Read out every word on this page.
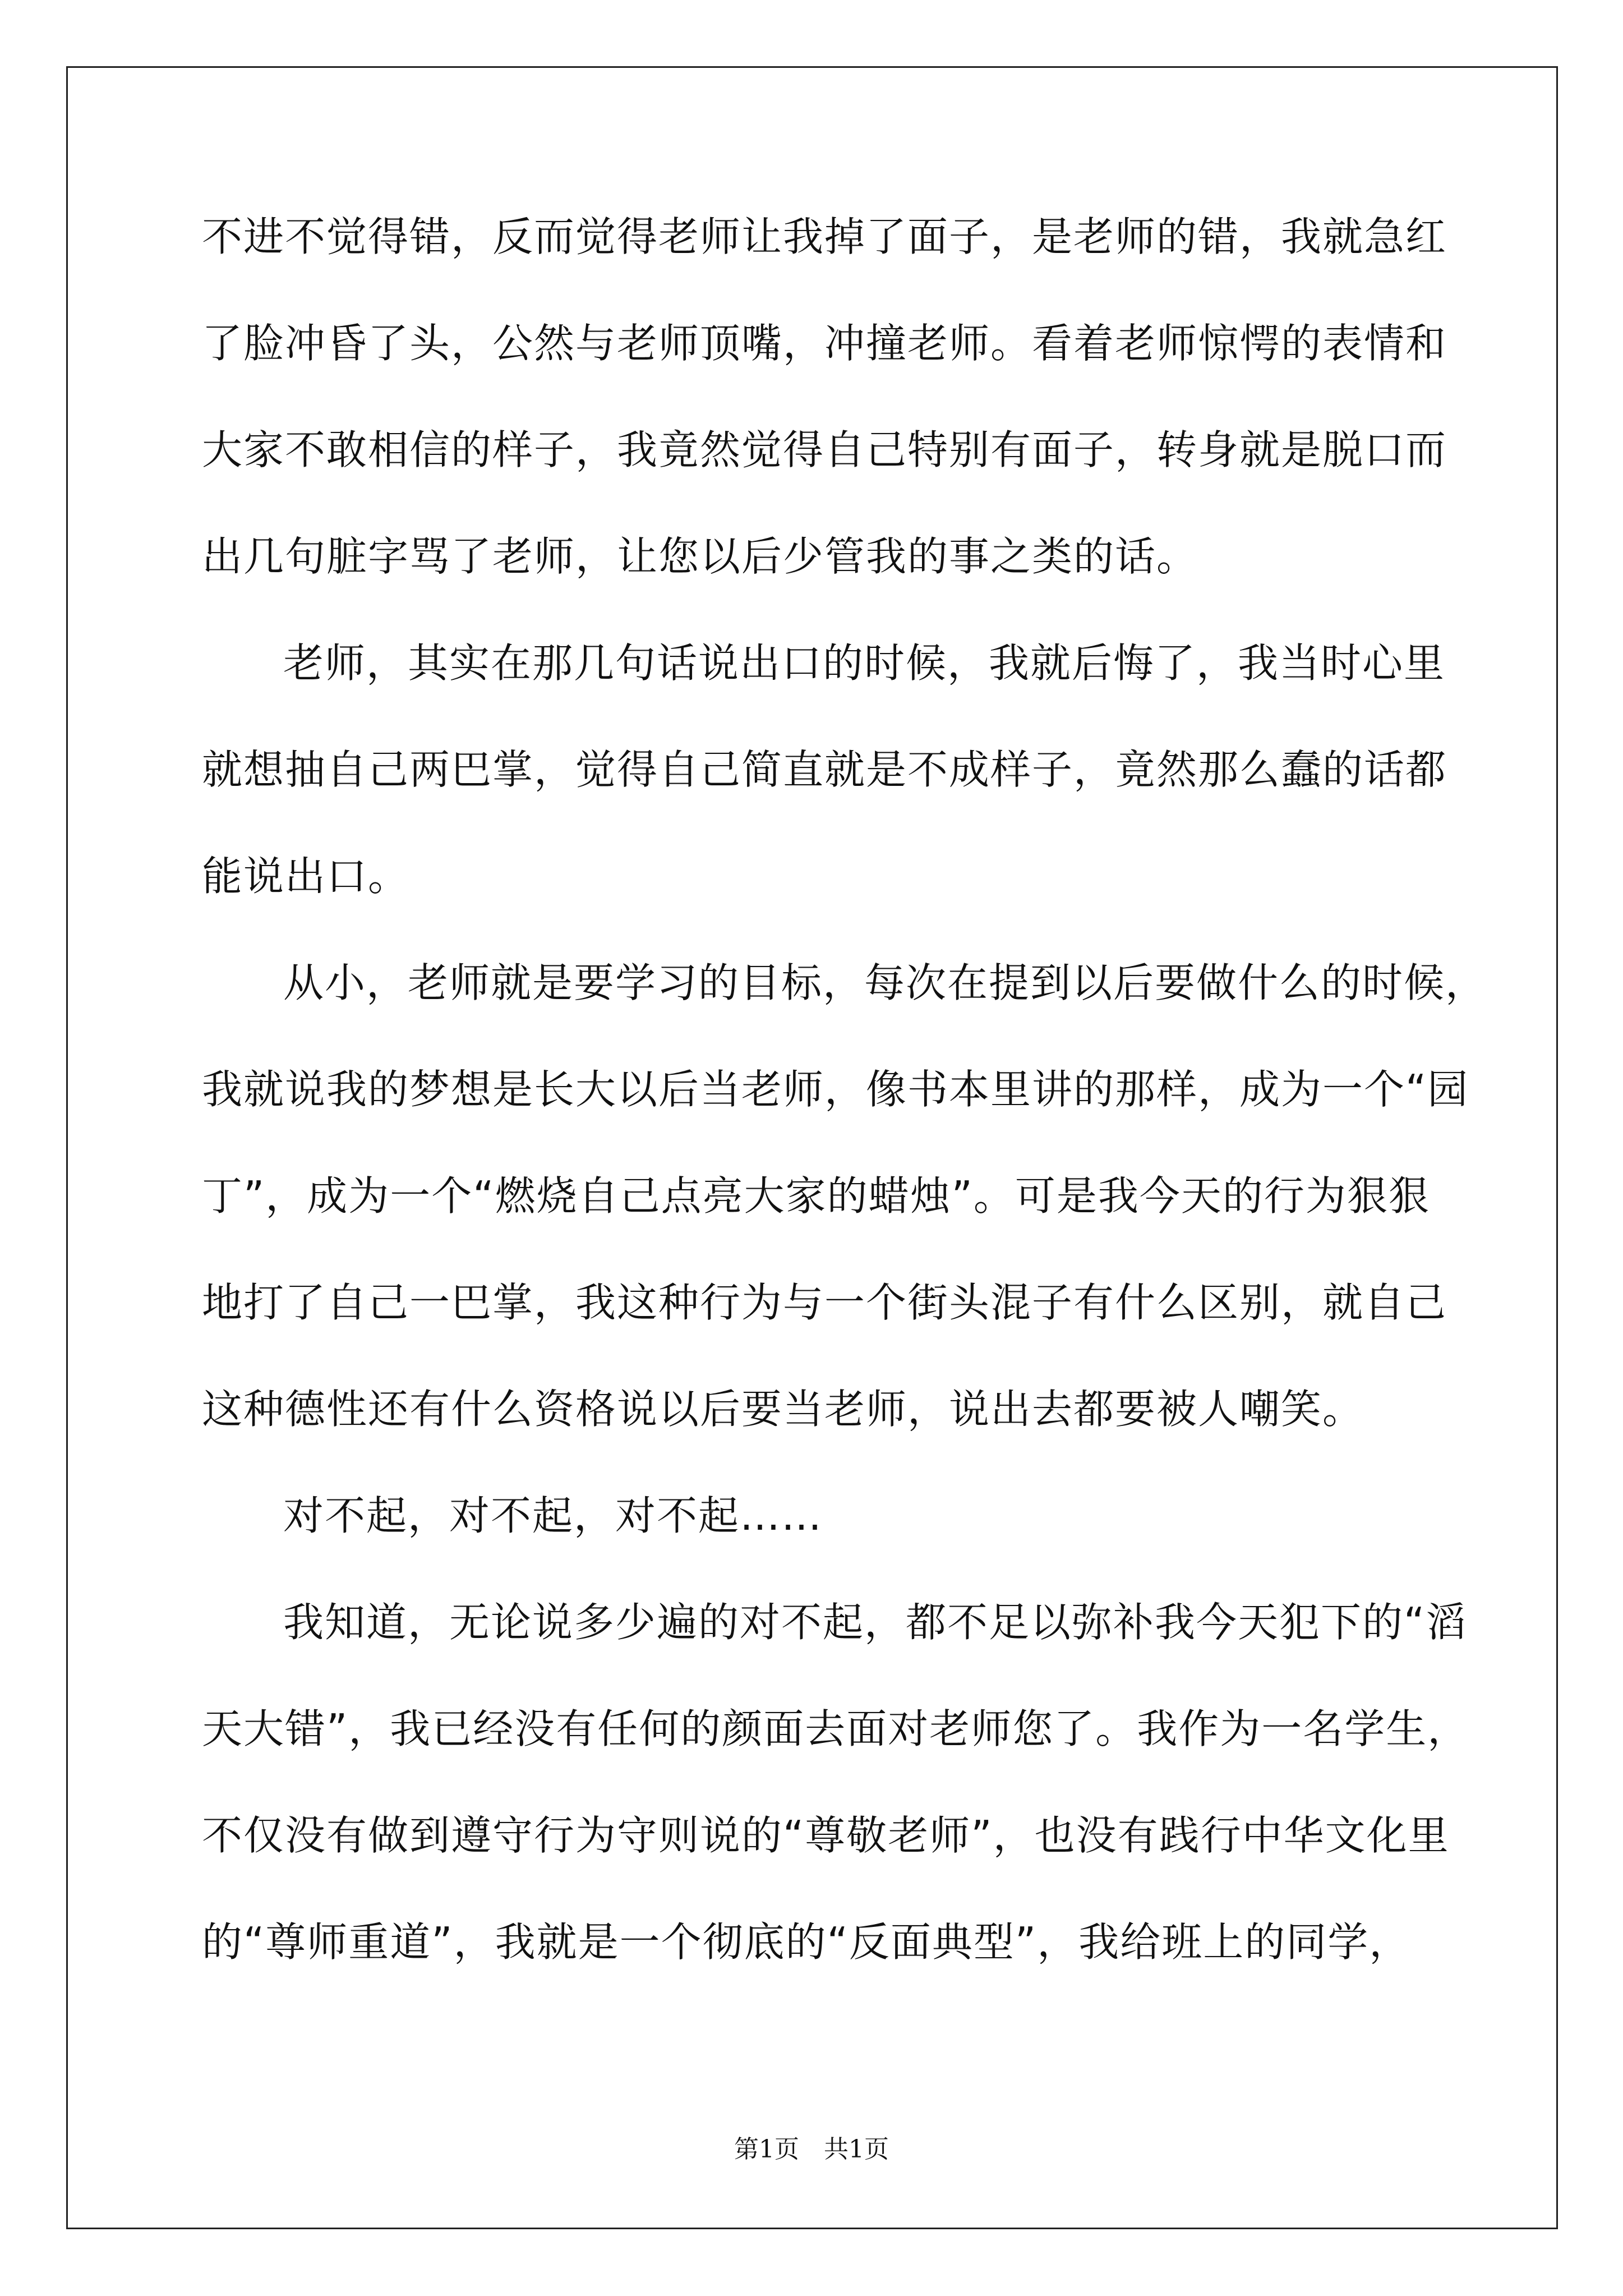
不进不觉得错，反而觉得老师让我掉了面子，是老师的错，我就急红
了脸冲昏了头，公然与老师顶嘴，冲撞老师。看着老师惊愕的表情和
大家不敢相信的样子，我竟然觉得自己特别有面子，转身就是脱口而
出几句脏字骂了老师，让您以后少管我的事之类的话。
老师，其实在那几句话说出口的时候，我就后悔了，我当时心里
就想抽自己两巴掌，觉得自己简直就是不成样子，竟然那么蠢的话都
能说出口。
从小，老师就是要学习的目标，每次在提到以后要做什么的时候，
我就说我的梦想是长大以后当老师，像书本里讲的那样，成为一个“园
丁”，成为一个“燃烧自己点亮大家的蜡烛”。可是我今天的行为狠狠
地打了自己一巴掌，我这种行为与一个街头混子有什么区别，就自己
这种德性还有什么资格说以后要当老师，说出去都要被人嘲笑。
对不起，对不起，对不起……
我知道，无论说多少遍的对不起，都不足以弥补我今天犯下的“滔
天大错”，我已经没有任何的颜面去面对老师您了。我作为一名学生，
不仅没有做到遵守行为守则说的“尊敬老师”，也没有践行中华文化里
的“尊师重道”，我就是一个彻底的“反面典型”，我给班上的同学，
第1页　共1页
